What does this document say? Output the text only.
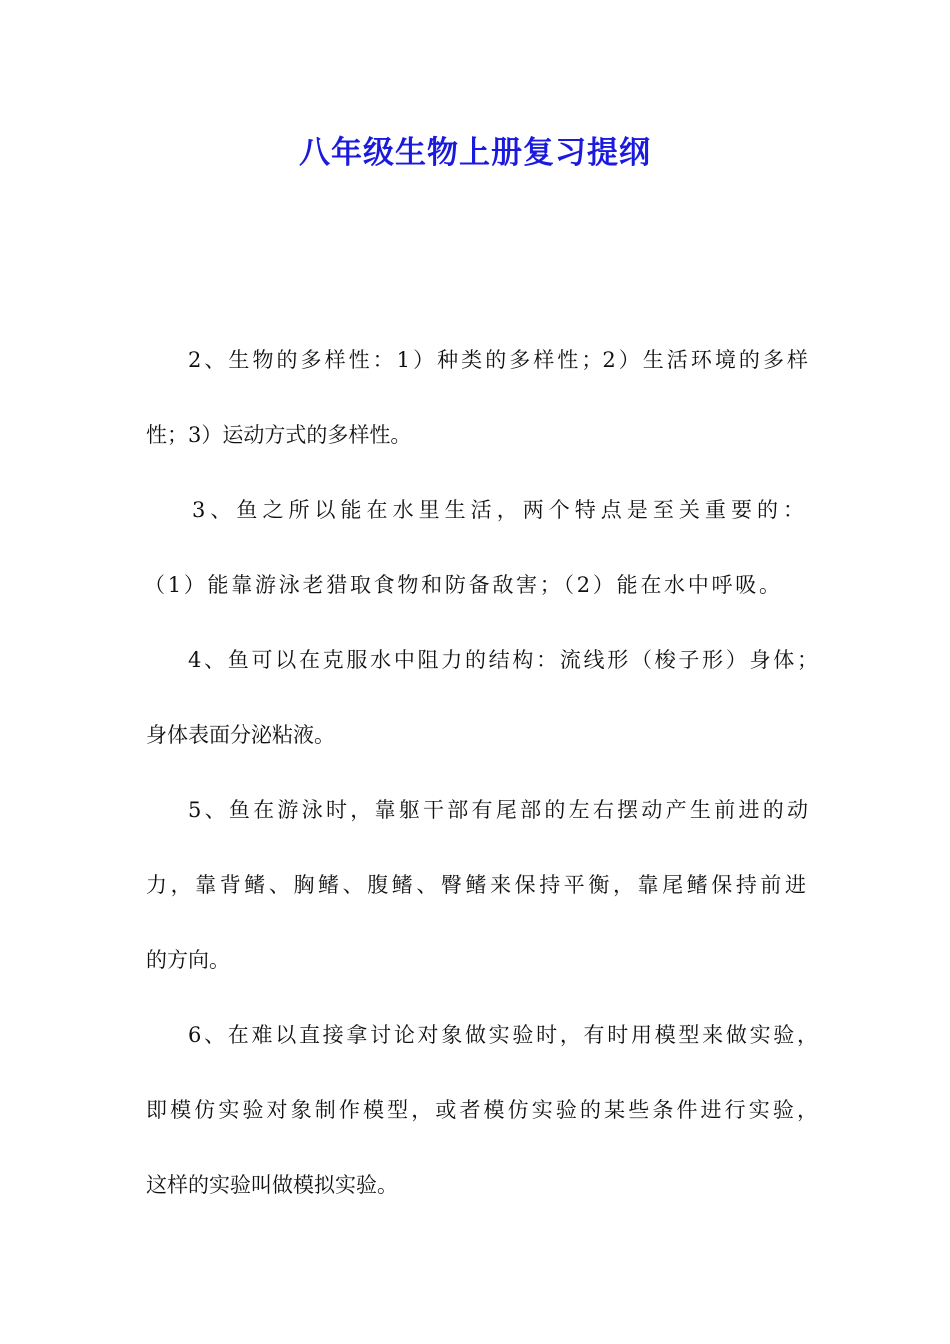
八年级生物上册复习提纲
2、生物的多样性：1）种类的多样性；2）生活环境的多样
性；3）运动方式的多样性。
3、鱼之所以能在水里生活，两个特点是至关重要的：
（1）能靠游泳老猎取食物和防备敌害；（2）能在水中呼吸。
4、鱼可以在克服水中阻力的结构：流线形（梭子形）身体；
身体表面分泌粘液。
5、鱼在游泳时，靠躯干部有尾部的左右摆动产生前进的动
力，靠背鳍、胸鳍、腹鳍、臀鳍来保持平衡，靠尾鳍保持前进
的方向。
6、在难以直接拿讨论对象做实验时，有时用模型来做实验，
即模仿实验对象制作模型，或者模仿实验的某些条件进行实验，
这样的实验叫做模拟实验。
